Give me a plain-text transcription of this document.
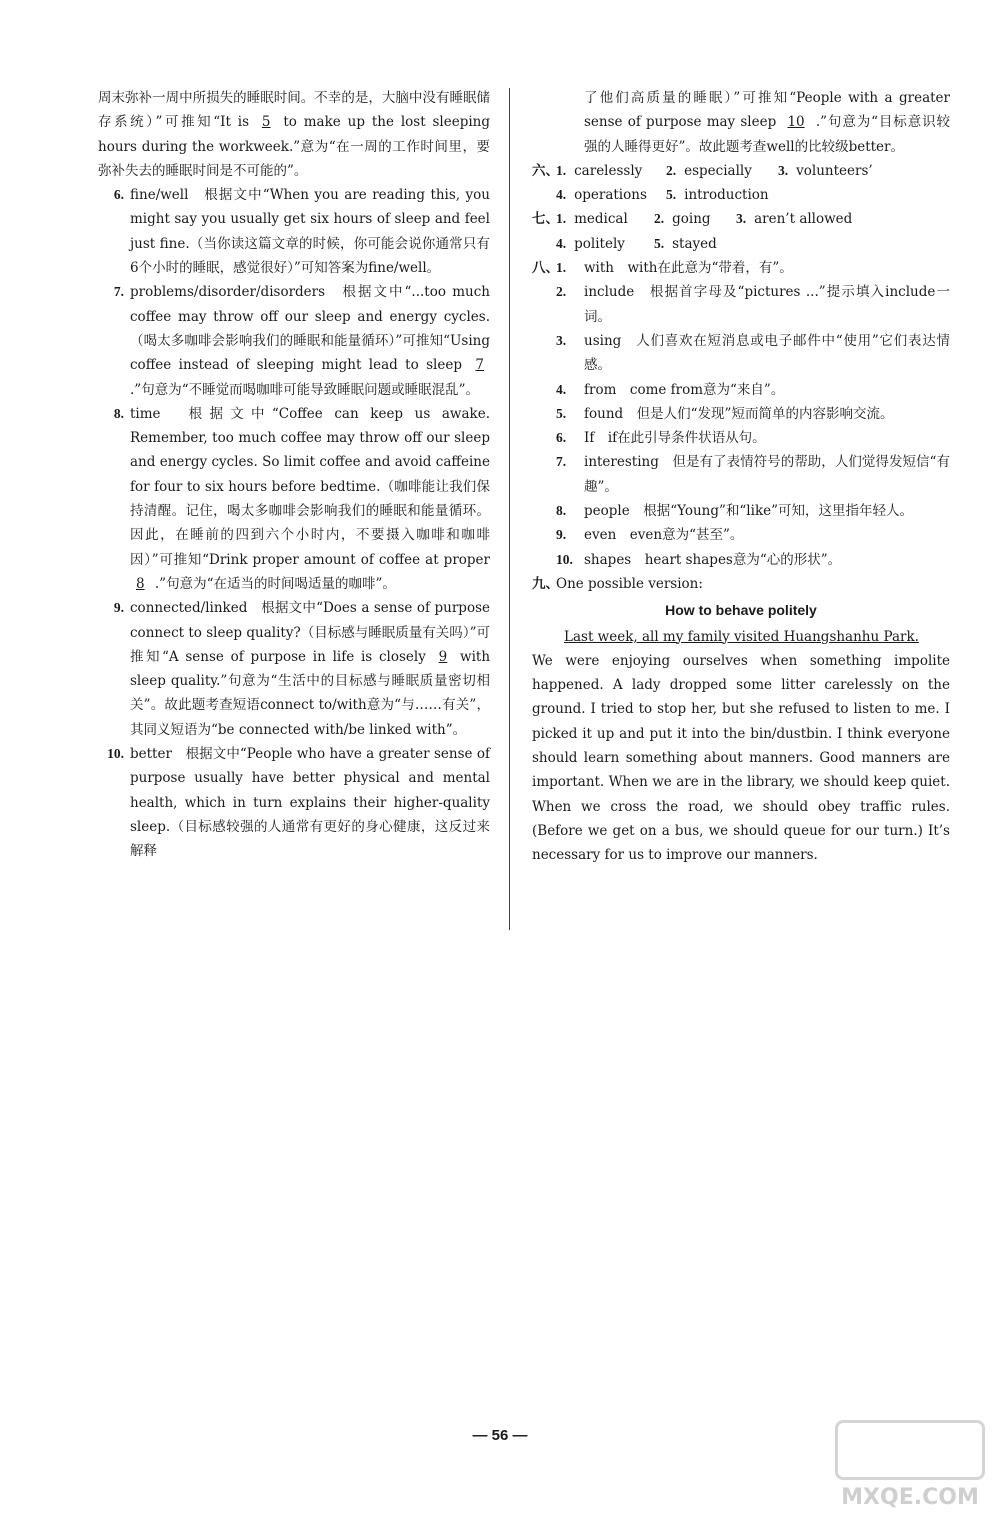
周末弥补一周中所损失的睡眠时间。不幸的是，大脑中没有睡眠储存系统）”可推知“It is 5 to make up the lost sleeping hours during the workweek.”意为“在一周的工作时间里，要弥补失去的睡眠时间是不可能的”。

6. fine/well　根据文中“When you are reading this, you might say you usually get six hours of sleep and feel just fine.（当你读这篇文章的时候，你可能会说你通常只有6个小时的睡眠，感觉很好）”可知答案为fine/well。
7. problems/disorder/disorders　根据文中“...too much coffee may throw off our sleep and energy cycles.（喝太多咖啡会影响我们的睡眠和能量循环）”可推知“Using coffee instead of sleeping might lead to sleep 7 .”句意为“不睡觉而喝咖啡可能导致睡眠问题或睡眠混乱”。
8. time　根据文中“Coffee can keep us awake. Remember, too much coffee may throw off our sleep and energy cycles. So limit coffee and avoid caffeine for four to six hours before bedtime.（咖啡能让我们保持清醒。记住，喝太多咖啡会影响我们的睡眠和能量循环。因此，在睡前的四到六个小时内，不要摄入咖啡和咖啡因）”可推知“Drink proper amount of coffee at proper 8 .”句意为“在适当的时间喝适量的咖啡”。
9. connected/linked　根据文中“Does a sense of purpose connect to sleep quality?（目标感与睡眠质量有关吗）”可推知“A sense of purpose in life is closely 9 with sleep quality.”句意为“生活中的目标感与睡眠质量密切相关”。故此题考查短语connect to/with意为“与……有关”，其同义短语为“be connected with/be linked with”。
10. better　根据文中“People who have a greater sense of purpose usually have better physical and mental health, which in turn explains their higher-quality sleep.（目标感较强的人通常有更好的身心健康，这反过来解释

了他们高质量的睡眠）”可推知“People with a greater sense of purpose may sleep 10 .”句意为“目标意识较强的人睡得更好”。故此题考查well的比较级better。

六、
1. carelessly	2. especially	3. volunteers’
4. operations	5. introduction
七、
1. medical	2. going	3. aren’t allowed
4. politely	5. stayed
八、
1.	with　with在此意为“带着，有”。
2.	include　根据首字母及“pictures ...”提示填入include一词。
3.	using　人们喜欢在短消息或电子邮件中“使用”它们表达情感。
4.	from　come from意为“来自”。
5.	found　但是人们“发现”短而简单的内容影响交流。
6.	If　if在此引导条件状语从句。
7.	interesting　但是有了表情符号的帮助，人们觉得发短信“有趣”。
8.	people　根据“Young”和“like”可知，这里指年轻人。
9.	even　even意为“甚至”。
10. shapes　heart shapes意为“心的形状”。
九、
One possible version:
How to behave politely
Last week, all my family visited Huangshanhu Park.
We were enjoying ourselves when something impolite happened. A lady dropped some litter carelessly on the ground. I tried to stop her, but she refused to listen to me. I picked it up and put it into the bin/dustbin. I think everyone should learn something about manners. Good manners are important. When we are in the library, we should keep quiet. When we cross the road, we should obey traffic rules. (Before we get on a bus, we should queue for our turn.) It’s necessary for us to improve our manners.
— 56 —
MXQE.COM
